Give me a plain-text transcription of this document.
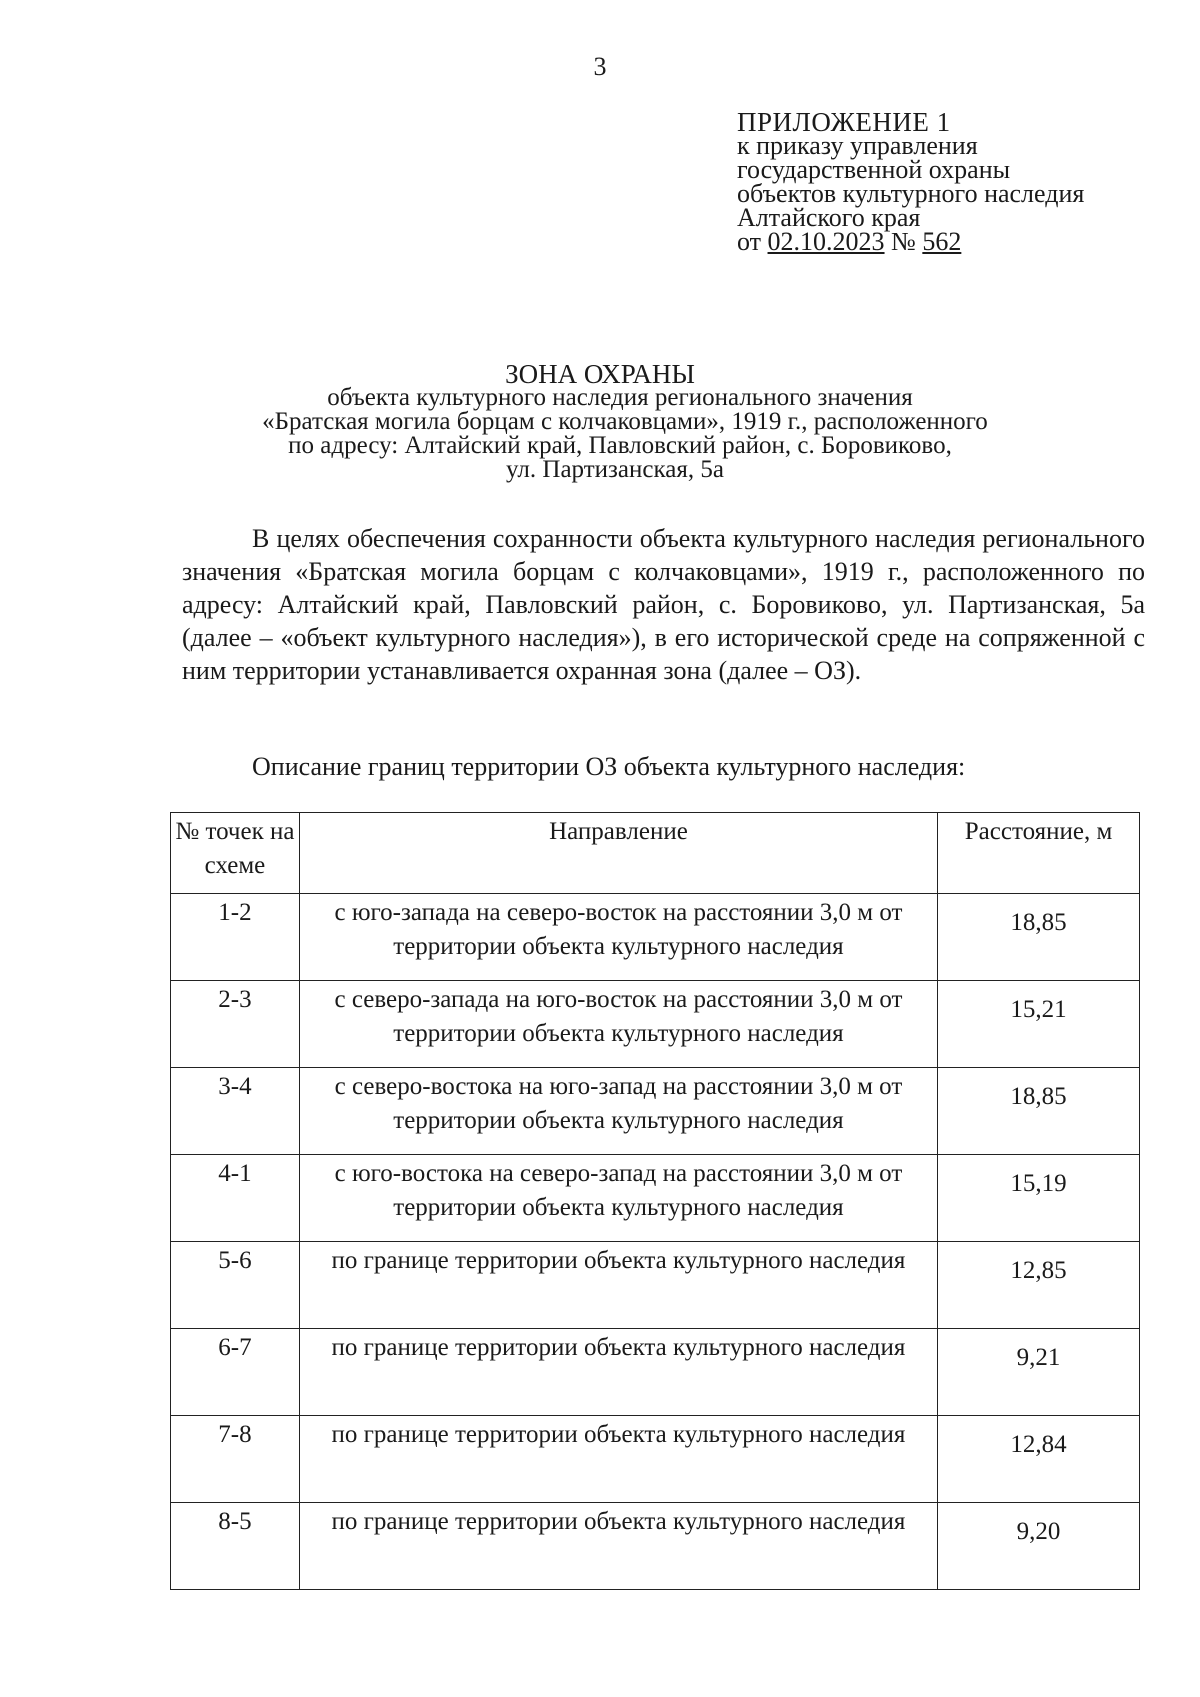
3
ПРИЛОЖЕНИЕ 1
к приказу управления
государственной охраны
объектов культурного наследия
Алтайского края
от 02.10.2023 № 562
ЗОНА ОХРАНЫ
объекта культурного наследия регионального значения
«Братская могила борцам с колчаковцами», 1919 г., расположенного
по адресу: Алтайский край, Павловский район, с. Боровиково,
ул. Партизанская, 5а

В целях обеспечения сохранности объекта культурного наследия регионального значения «Братская могила борцам с колчаковцами», 1919 г., расположенного по адресу: Алтайский край, Павловский район, с. Боровиково, ул. Партизанская, 5а (далее – «объект культурного наследия»), в его исторической среде на сопряженной с ним территории устанавливается охранная зона (далее – ОЗ).

Описание границ территории ОЗ объекта культурного наследия:
№ точек на схеме	Направление	Расстояние, м
1-2	с юго-запада на северо-восток на расстоянии 3,0 м от территории объекта культурного наследия	18,85
2-3	с северо-запада на юго-восток на расстоянии 3,0 м от территории объекта культурного наследия	15,21
3-4	с северо-востока на юго-запад на расстоянии 3,0 м от территории объекта культурного наследия	18,85
4-1	с юго-востока на северо-запад на расстоянии 3,0 м от территории объекта культурного наследия	15,19
5-6	по границе территории объекта культурного наследия	12,85
6-7	по границе территории объекта культурного наследия	9,21
7-8	по границе территории объекта культурного наследия	12,84
8-5	по границе территории объекта культурного наследия	9,20
